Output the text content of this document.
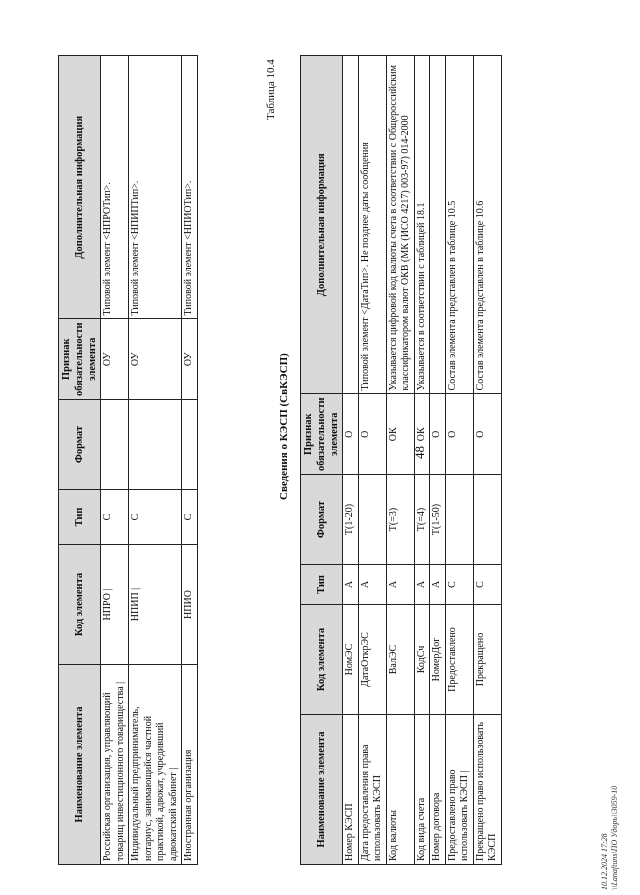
48
Наименование элемента	Код элемента	Тип	Формат	Признак обязательности элемента	Дополнительная информация
Российская организация, управляющий товарищ инвестиционного товарищества |	НПРО |	С		ОУ	Типовой элемент <НПРОТип>.
Индивидуальный предприниматель, нотариус, занимающийся частной практикой, адвокат, учредивший адвокатский кабинет |	НПИП |	С		ОУ	Типовой элемент <НПИПТип>.
Иностранная организация	НПИО	С		ОУ	Типовой элемент <НПИОТип>.
Таблица 10.4
Сведения о КЭСП (СвКЭСП)
Наименование элемента	Код элемента	Тип	Формат	Признак обязательности элемента	Дополнительная информация
Номер КЭСП	НомЭС	А	T(1-20)	О	
Дата предоставления права использовать КЭСП	ДатаОткрЭС	А		О	Типовой элемент <ДатаТип>. Не позднее даты сообщения
Код валюты	ВалЭС	А	T(=3)	ОК	Указывается цифровой код валюты счета в соответствии с Общероссийским классификатором валют ОКВ (МК (ИСО 4217) 003-97) 014-2000
Код вида счета	КодСч	А	T(=4)	ОК	Указывается в соответствии с таблицей 18.1
Номер договора	НомерДог	А	T(1-50)	О	
Предоставлено право использовать КЭСП |	Предоставлено	С		О	Состав элемента представлен в таблице 10.5
Прекращено право использовать КЭСП	Прекращено	С		О	Состав элемента представлен в таблице 10.6
10.12.2024 17:28 \\Lanaftuns\ПО Удорь\\3059-10
